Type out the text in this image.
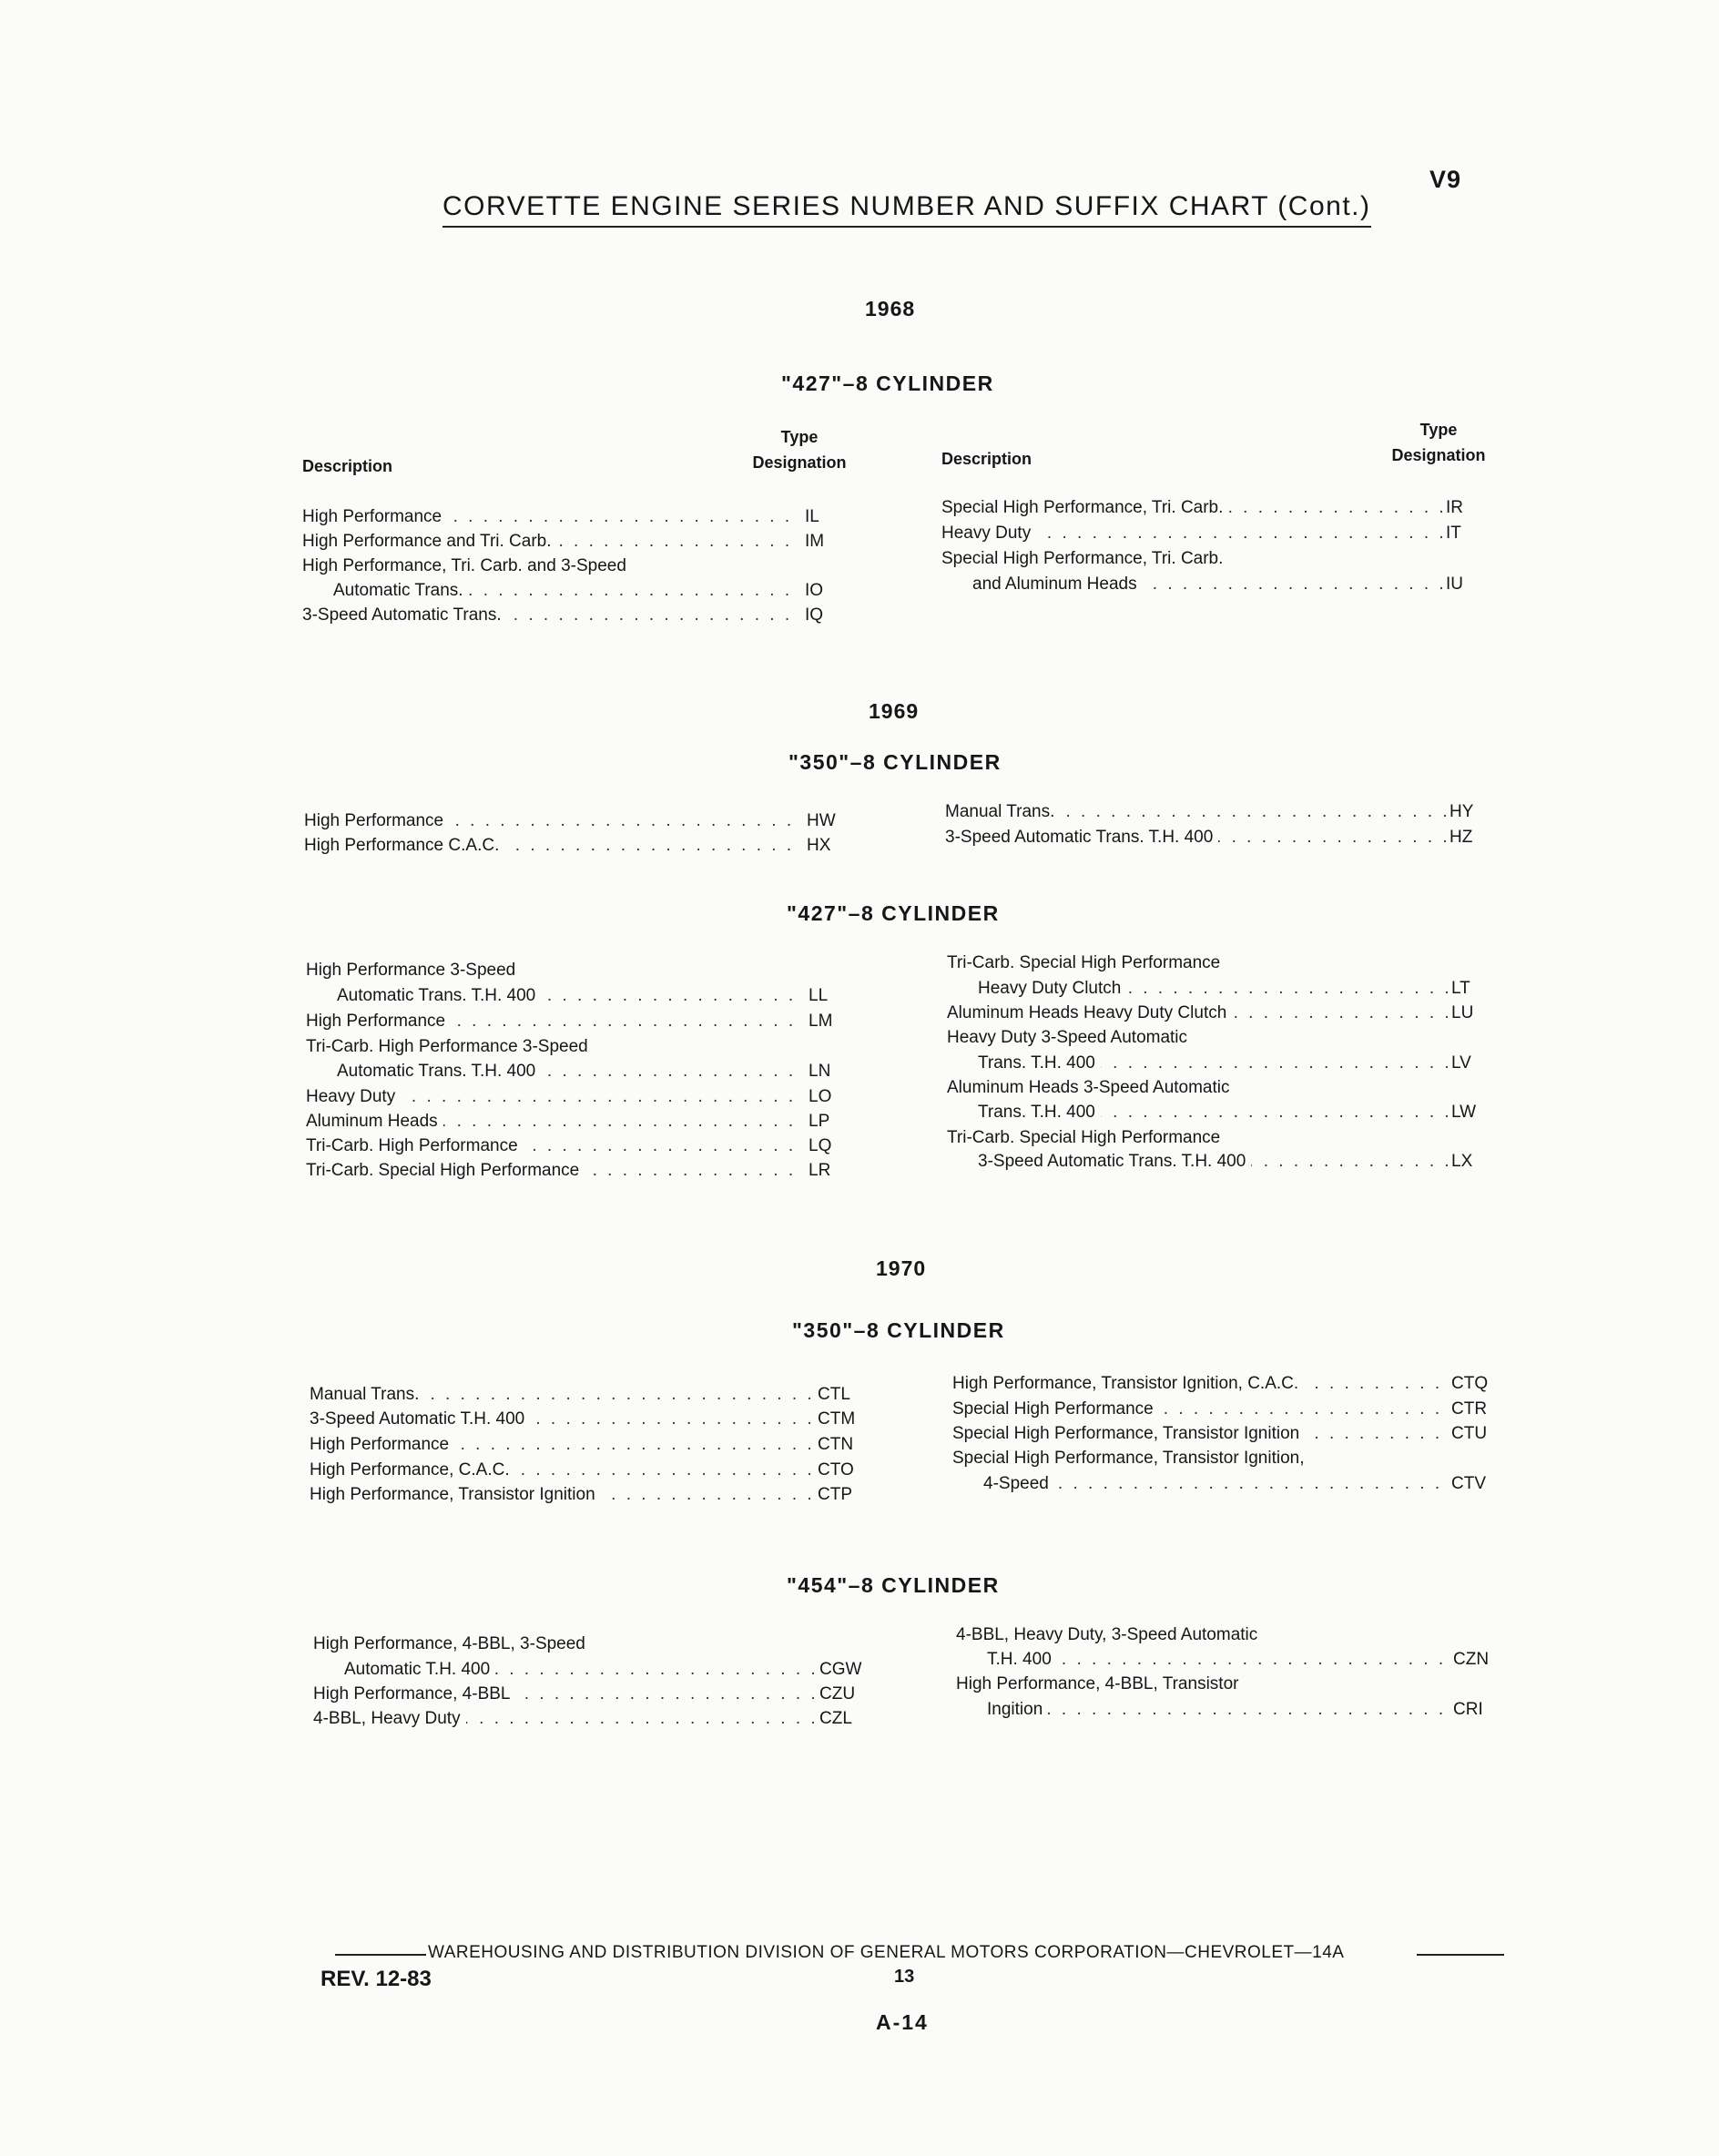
V9
CORVETTE ENGINE SERIES NUMBER AND SUFFIX CHART (Cont.)
1968
"427"–8 CYLINDER
Description
Type
Designation	Description
Type
Designation
High Performance . . .	IL
High Performance and Tri. Carb. . . .	IM
High Performance, Tri. Carb. and 3-Speed
Automatic Trans. . . .	IO
3-Speed Automatic Trans. . . .	IQ
Special High Performance, Tri. Carb. . . .	IR
Heavy Duty . . .	IT
Special High Performance, Tri. Carb.
and Aluminum Heads . . .	IU
1969
"350"–8 CYLINDER
High Performance . . .	HW
High Performance C.A.C. . . .	HX
Manual Trans. . . .	HY
3-Speed Automatic Trans. T.H. 400 . . .	HZ
"427"–8 CYLINDER
High Performance 3-Speed
Automatic Trans. T.H. 400 . . .	LL
High Performance . . .	LM
Tri-Carb. High Performance 3-Speed
Automatic Trans. T.H. 400 . . .	LN
Heavy Duty . . .	LO
Aluminum Heads . . .	LP
Tri-Carb. High Performance . . .	LQ
Tri-Carb. Special High Performance . . .	LR
Tri-Carb. Special High Performance
Heavy Duty Clutch . . .	LT
Aluminum Heads Heavy Duty Clutch . . .	LU
Heavy Duty 3-Speed Automatic
Trans. T.H. 400 . . .	LV
Aluminum Heads 3-Speed Automatic
Trans. T.H. 400 . . .	LW
Tri-Carb. Special High Performance
3-Speed Automatic Trans. T.H. 400 . . .	LX
1970
"350"–8 CYLINDER
Manual Trans. . . .	CTL
3-Speed Automatic T.H. 400 . . .	CTM
High Performance . . .	CTN
High Performance, C.A.C. . . .	CTO
High Performance, Transistor Ignition . . .	CTP
High Performance, Transistor Ignition, C.A.C. . . .	CTQ
Special High Performance . . .	CTR
Special High Performance, Transistor Ignition . . .	CTU
Special High Performance, Transistor Ignition,
4-Speed . . .	CTV
"454"–8 CYLINDER
High Performance, 4-BBL, 3-Speed
Automatic T.H. 400 . . .	CGW
High Performance, 4-BBL . . .	CZU
4-BBL, Heavy Duty . . .	CZL
4-BBL, Heavy Duty, 3-Speed Automatic
T.H. 400 . . .	CZN
High Performance, 4-BBL, Transistor
Ingition . . .	CRI
WAREHOUSING AND DISTRIBUTION DIVISION OF GENERAL MOTORS CORPORATION—CHEVROLET—14A
REV. 12-83	13
A-14
